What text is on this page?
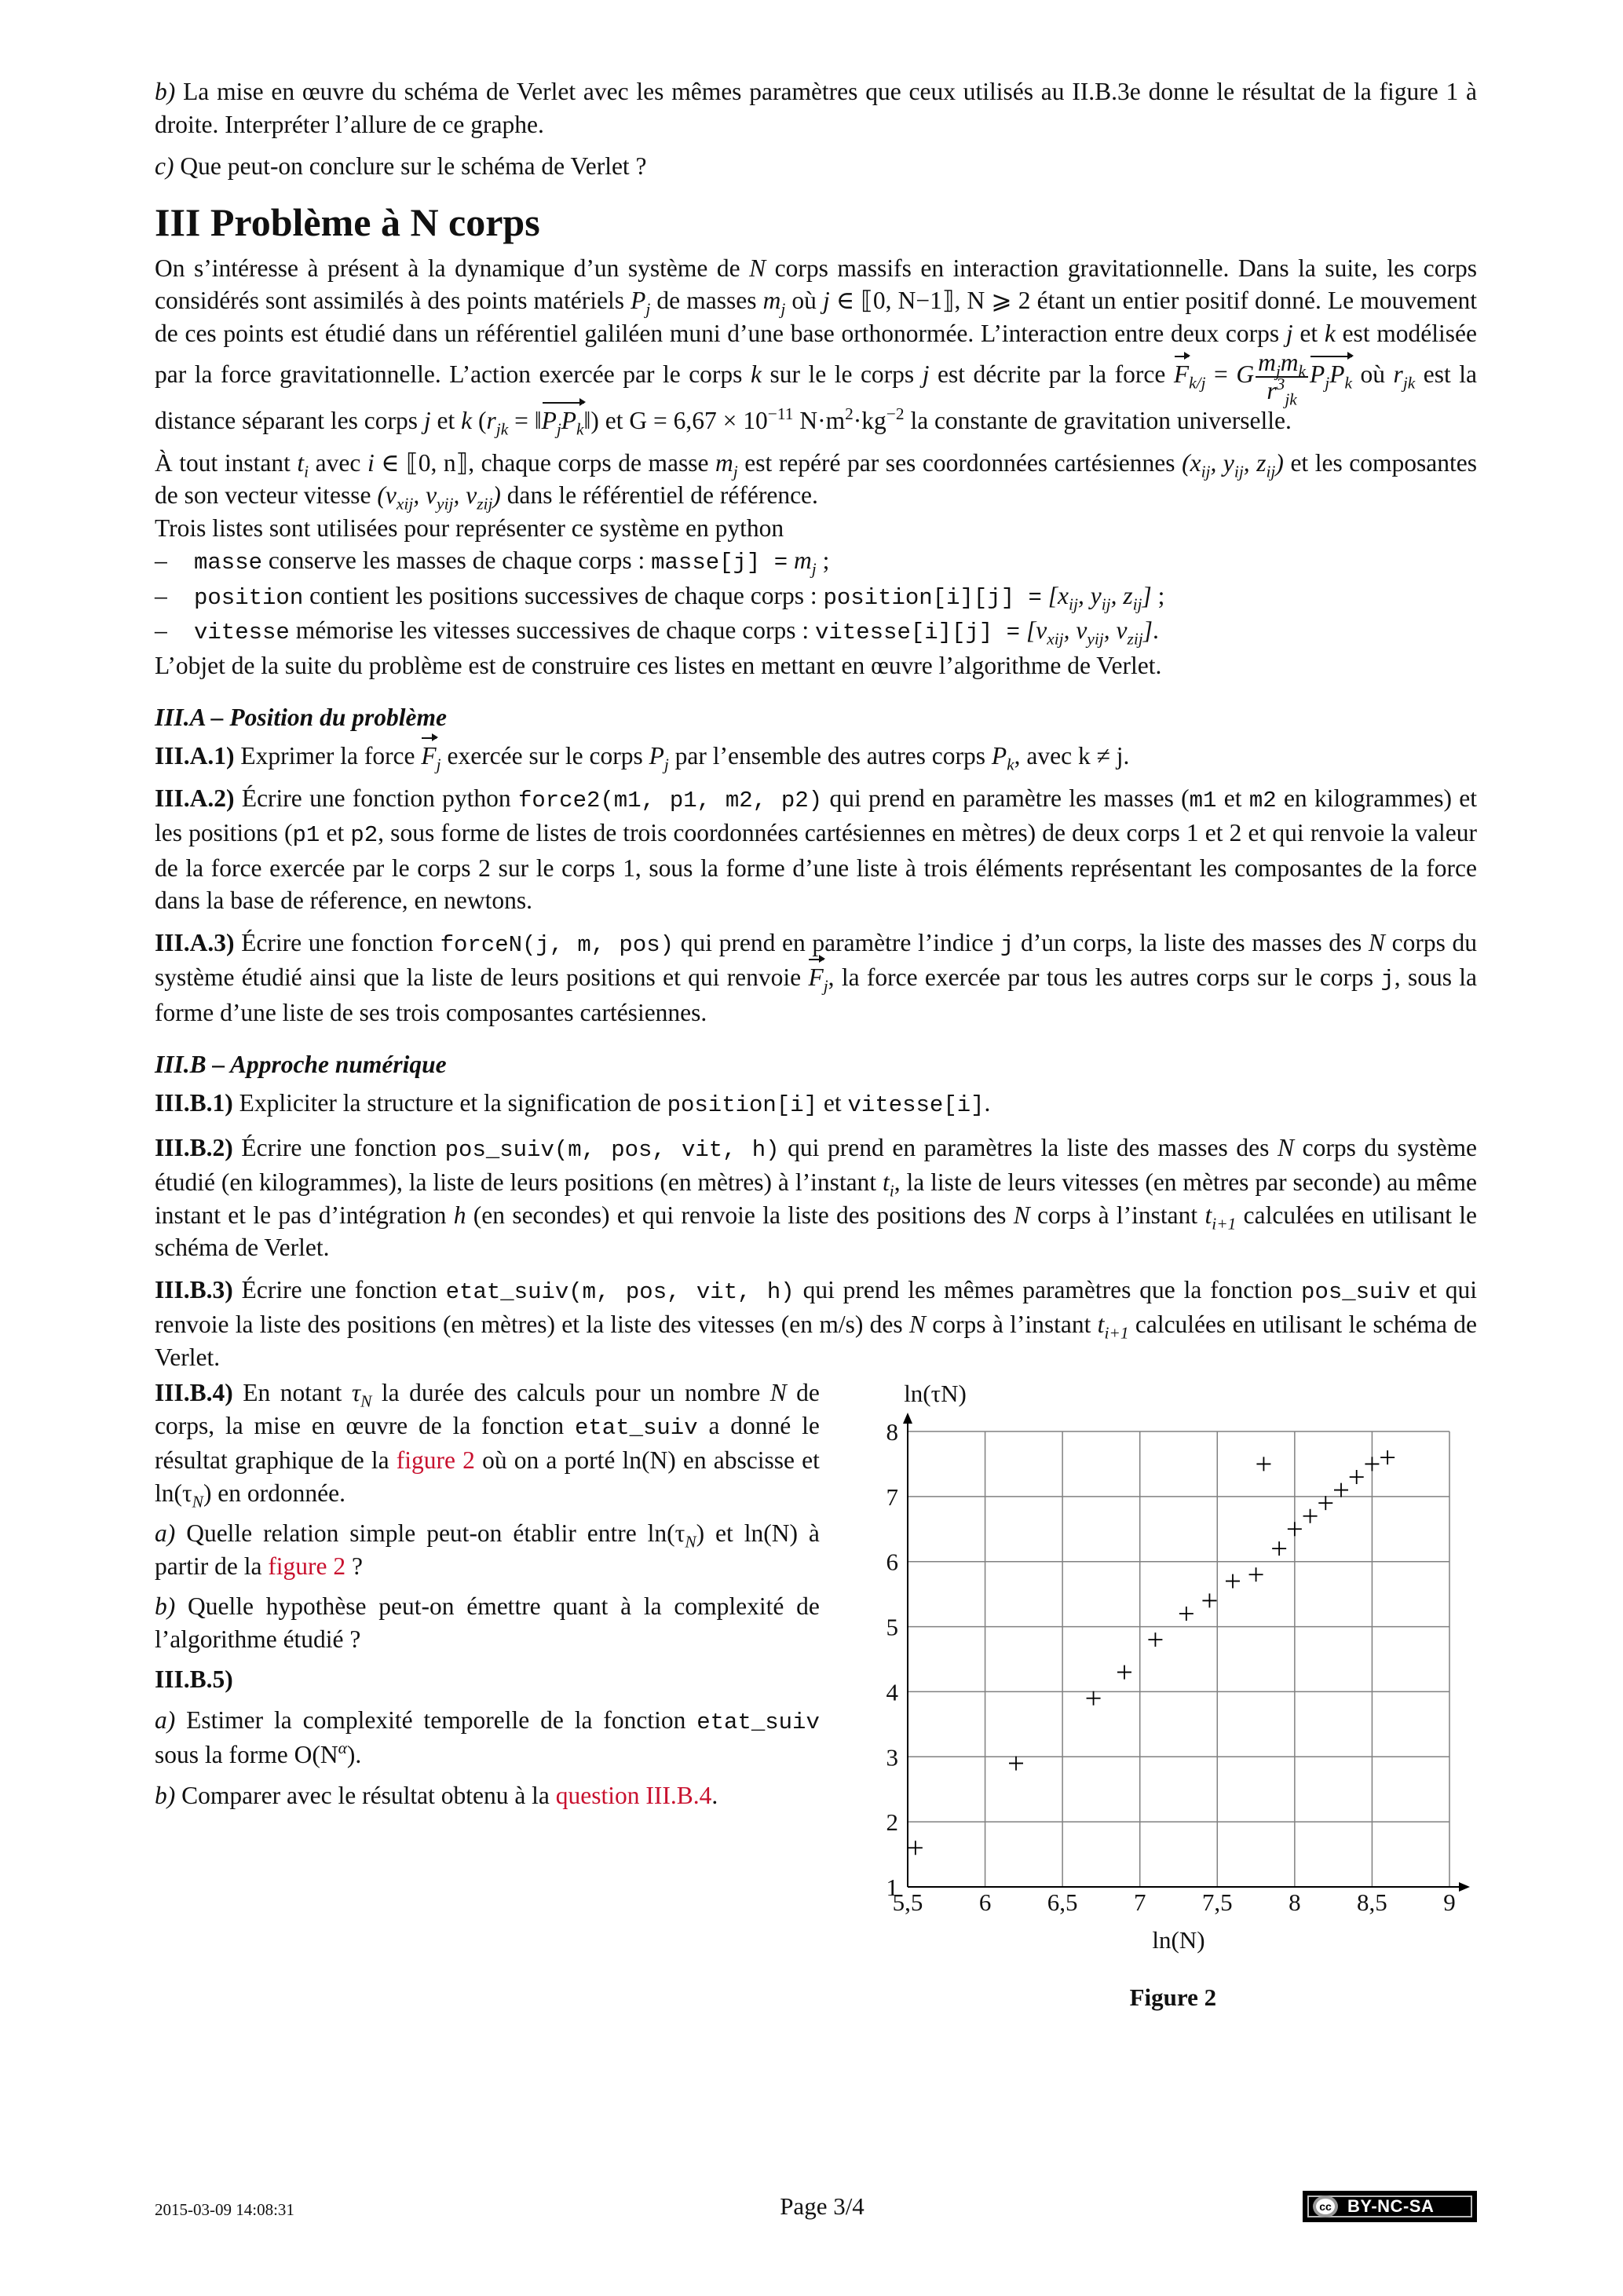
b) La mise en œuvre du schéma de Verlet avec les mêmes paramètres que ceux utilisés au II.B.3e donne le résultat de la figure 1 à droite. Interpréter l’allure de ce graphe.

c) Que peut-on conclure sur le schéma de Verlet ?

III Problème à N corps

On s’intéresse à présent à la dynamique d’un système de N corps massifs en interaction gravitationnelle. Dans la suite, les corps considérés sont assimilés à des points matériels $P_j$ de masses $m_j$ où j ∈ ⟦0, N−1⟧, N ⩾ 2 étant un entier positif donné. Le mouvement de ces points est étudié dans un référentiel galiléen muni d’une base orthonormée. L’interaction entre deux corps j et k est modélisée par la force gravitationnelle. L’action exercée par le corps k sur le le corps j est décrite par la force $F_{k/j} = G \frac{m_jm_k}{r^3_{jk}} P_jP_k$ où $r_{jk}$ est la distance séparant les corps j et k ($r_{jk}$ = $‖P_jP_k‖$) et $G = 6,67 \times 10^{-11}$ $N\cdot m^2\cdot kg^{-2}$ la constante de gravitation universelle.

À tout instant $t_i$ avec i ∈ ⟦0, n⟧, chaque corps de masse $m_j$ est repéré par ses coordonnées cartésiennes ($x_{ij}$, $y_{ij}$, $z_{ij}$) et les composantes de son vecteur vitesse ($v_{xij}$, $v_{yij}$, $v_{zij}$) dans le référentiel de référence.

Trois listes sont utilisées pour représenter ce système en python

–	masse conserve les masses de chaque corps : masse[j] = $m_j$ ;
–	position contient les positions successives de chaque corps : position[i][j] = [$x_{ij}$, $y_{ij}$, $z_{ij}$] ;
–	vitesse mémorise les vitesses successives de chaque corps : vitesse[i][j] = [$v_{xij}$, $v_{yij}$, $v_{zij}$].

L’objet de la suite du problème est de construire ces listes en mettant en œuvre l’algorithme de Verlet.

III.A – Position du problème

III.A.1) Exprimer la force $F_j$ exercée sur le corps $P_j$ par l’ensemble des autres corps $P_k$, avec k ≠ j.

III.A.2) Écrire une fonction python force2(m1, p1, m2, p2) qui prend en paramètre les masses (m1 et m2 en kilogrammes) et les positions (p1 et p2, sous forme de listes de trois coordonnées cartésiennes en mètres) de deux corps 1 et 2 et qui renvoie la valeur de la force exercée par le corps 2 sur le corps 1, sous la forme d’une liste à trois éléments représentant les composantes de la force dans la base de réference, en newtons.

III.A.3) Écrire une fonction forceN(j, m, pos) qui prend en paramètre l’indice j d’un corps, la liste des masses des N corps du système étudié ainsi que la liste de leurs positions et qui renvoie $F_j$, la force exercée par tous les autres corps sur le corps j, sous la forme d’une liste de ses trois composantes cartésiennes.

III.B – Approche numérique

III.B.1) Expliciter la structure et la signification de position[i] et vitesse[i].

III.B.2) Écrire une fonction pos_suiv(m, pos, vit, h) qui prend en paramètres la liste des masses des N corps du système étudié (en kilogrammes), la liste de leurs positions (en mètres) à l’instant $t_i$, la liste de leurs vitesses (en mètres par seconde) au même instant et le pas d’intégration h (en secondes) et qui renvoie la liste des positions des N corps à l’instant $t_{i+1}$ calculées en utilisant le schéma de Verlet.

III.B.3) Écrire une fonction etat_suiv(m, pos, vit, h) qui prend les mêmes paramètres que la fonction pos_suiv et qui renvoie la liste des positions (en mètres) et la liste des vitesses (en m/s) des N corps à l’instant $t_{i+1}$ calculées en utilisant le schéma de Verlet.

III.B.4) En notant $\tau_N$ la durée des calculs pour un nombre N de corps, la mise en œuvre de la fonction etat_suiv a donné le résultat graphique de la figure 2 où on a porté ln(N) en abscisse et $\ln(\tau_N)$ en ordonnée.

a) Quelle relation simple peut-on établir entre $\ln(\tau_N)$ et ln(N) à partir de la figure 2 ?

b) Quelle hypothèse peut-on émettre quant à la complexité de l’algorithme étudié ?

III.B.5)

a) Estimer la complexité temporelle de la fonction etat_suiv sous la forme $O(N^\alpha)$.

b) Comparer avec le résultat obtenu à la question III.B.4.

5,5 6 6,5 7 7,5 8 8,5 9
1
2
3
4
5
6
7
8
ln(N)
ln(τN)
Figure 2
2015-03-09 14:08:31	Page 3/4	cc BY-NC-SA
